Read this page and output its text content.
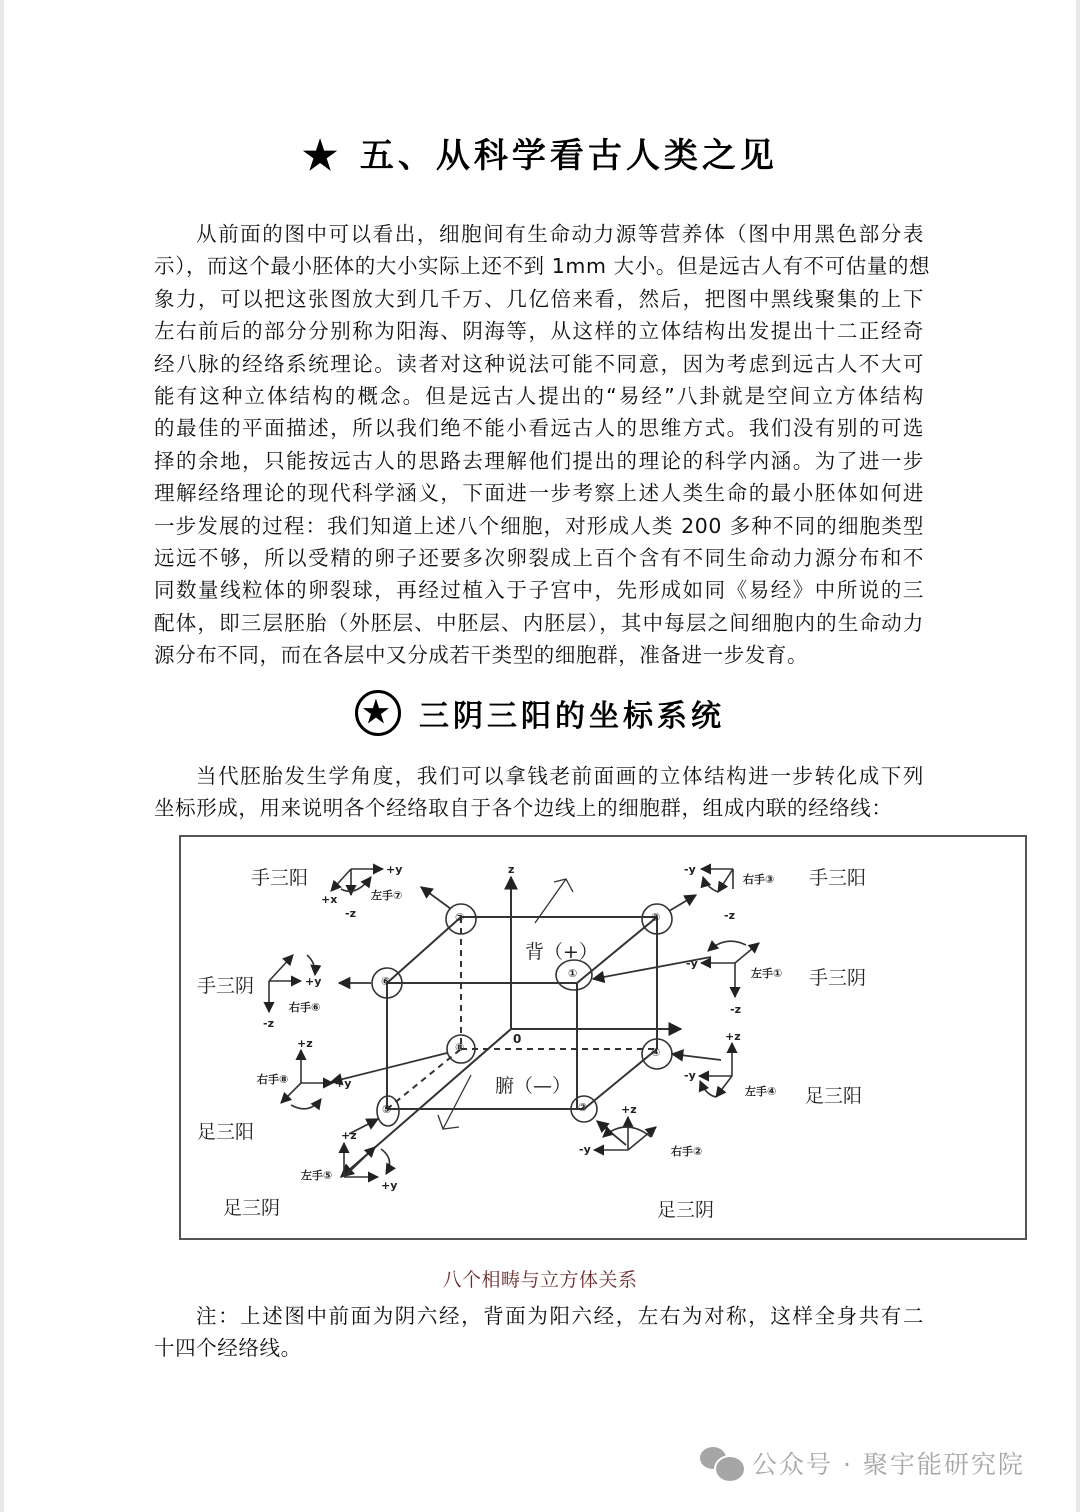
★ 五、从科学看古人类之见
从前面的图中可以看出，细胞间有生命动力源等营养体（图中用黑色部分表
示），而这个最小胚体的大小实际上还不到 1mm 大小。但是远古人有不可估量的想
象力，可以把这张图放大到几千万、几亿倍来看，然后，把图中黑线聚集的上下
左右前后的部分分别称为阳海、阴海等，从这样的立体结构出发提出十二正经奇
经八脉的经络系统理论。读者对这种说法可能不同意，因为考虑到远古人不大可
能有这种立体结构的概念。但是远古人提出的“易经”八卦就是空间立方体结构
的最佳的平面描述，所以我们绝不能小看远古人的思维方式。我们没有别的可选
择的余地，只能按远古人的思路去理解他们提出的理论的科学内涵。为了进一步
理解经络理论的现代科学涵义，下面进一步考察上述人类生命的最小胚体如何进
一步发展的过程：我们知道上述八个细胞，对形成人类 200 多种不同的细胞类型
远远不够，所以受精的卵子还要多次卵裂成上百个含有不同生命动力源分布和不
同数量线粒体的卵裂球，再经过植入于子宫中，先形成如同《易经》中所说的三
配体，即三层胚胎（外胚层、中胚层、内胚层），其中每层之间细胞内的生命动力
源分布不同，而在各层中又分成若干类型的细胞群，准备进一步发育。
★ 三阴三阳的坐标系统
当代胚胎发生学角度，我们可以拿钱老前面画的立体结构进一步转化成下列
坐标形成，用来说明各个经络取自于各个边线上的细胞群，组成内联的经络线：
手三阳
手三阴
足三阳
足三阴
手三阳
手三阴
足三阳
足三阴
背（+）
腑（—）
0
z
⑦	③
⑥
①
⑧	④
⑤	②
左手⑦
右手⑥
右手③
左手①
右手⑧
左手⑤
左手④
右手②
+y
+x
-z
+y
-z
+y
+z
+z
+y
-y
-z
-y
-z
-y
+z
+z
-y
八个相畴与立方体关系
注：上述图中前面为阴六经，背面为阳六经，左右为对称，这样全身共有二
十四个经络线。
公众号 · 聚宇能研究院
